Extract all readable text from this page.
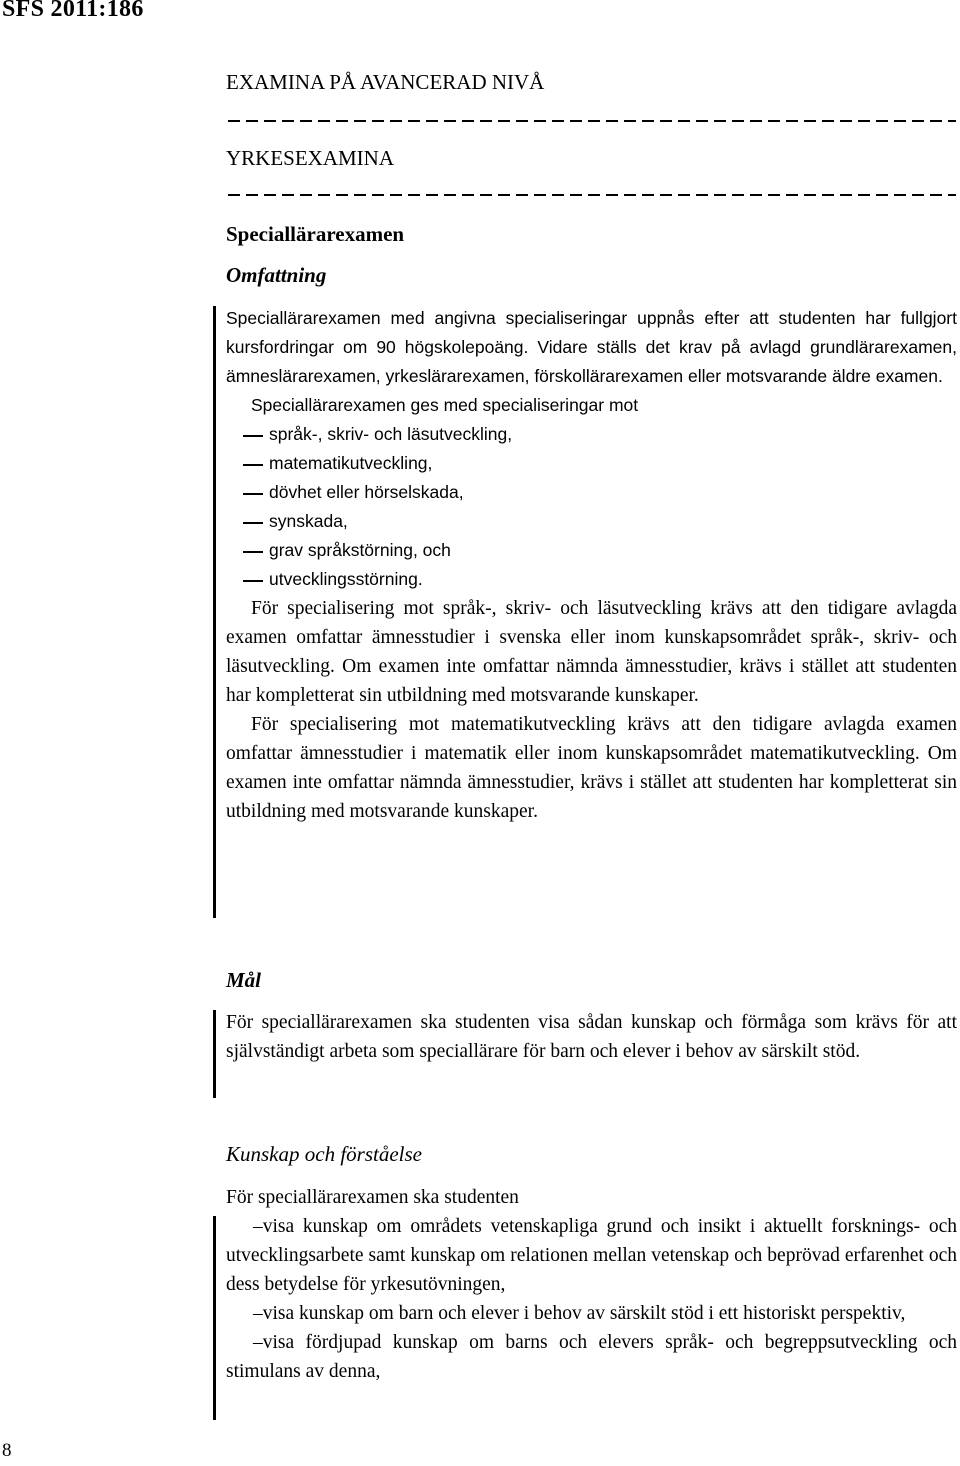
SFS 2011:186
EXAMINA PÅ AVANCERAD NIVÅ
YRKESEXAMINA
Speciallärarexamen
Omfattning

Speciallärarexamen med angivna specialiseringar uppnås efter att studenten har fullgjort kursfordringar om 90 högskolepoäng. Vidare ställs det krav på avlagd grundlärarexamen, ämneslärarexamen, yrkeslärarexamen, förskollärarexamen eller motsvarande äldre examen.

Speciallärarexamen ges med specialiseringar mot

språk-, skriv- och läsutveckling,
matematikutveckling,
dövhet eller hörselskada,
synskada,
grav språkstörning, och
utvecklingsstörning.

För specialisering mot språk-, skriv- och läsutveckling krävs att den tidigare avlagda examen omfattar ämnesstudier i svenska eller inom kunskapsområdet språk-, skriv- och läsutveckling. Om examen inte omfattar nämnda ämnesstudier, krävs i stället att studenten har kompletterat sin utbildning med motsvarande kunskaper.

För specialisering mot matematikutveckling krävs att den tidigare avlagda examen omfattar ämnesstudier i matematik eller inom kunskapsområdet matematikutveckling. Om examen inte omfattar nämnda ämnesstudier, krävs i stället att studenten har kompletterat sin utbildning med motsvarande kunskaper.

Mål

För speciallärarexamen ska studenten visa sådan kunskap och förmåga som krävs för att självständigt arbeta som speciallärare för barn och elever i behov av särskilt stöd.

Kunskap och förståelse

För speciallärarexamen ska studenten

– visa kunskap om områdets vetenskapliga grund och insikt i aktuellt forsknings- och utvecklingsarbete samt kunskap om relationen mellan vetenskap och beprövad erfarenhet och dess betydelse för yrkesutövningen,

– visa kunskap om barn och elever i behov av särskilt stöd i ett historiskt perspektiv,

– visa fördjupad kunskap om barns och elevers språk- och begreppsutveckling och stimulans av denna,

8
